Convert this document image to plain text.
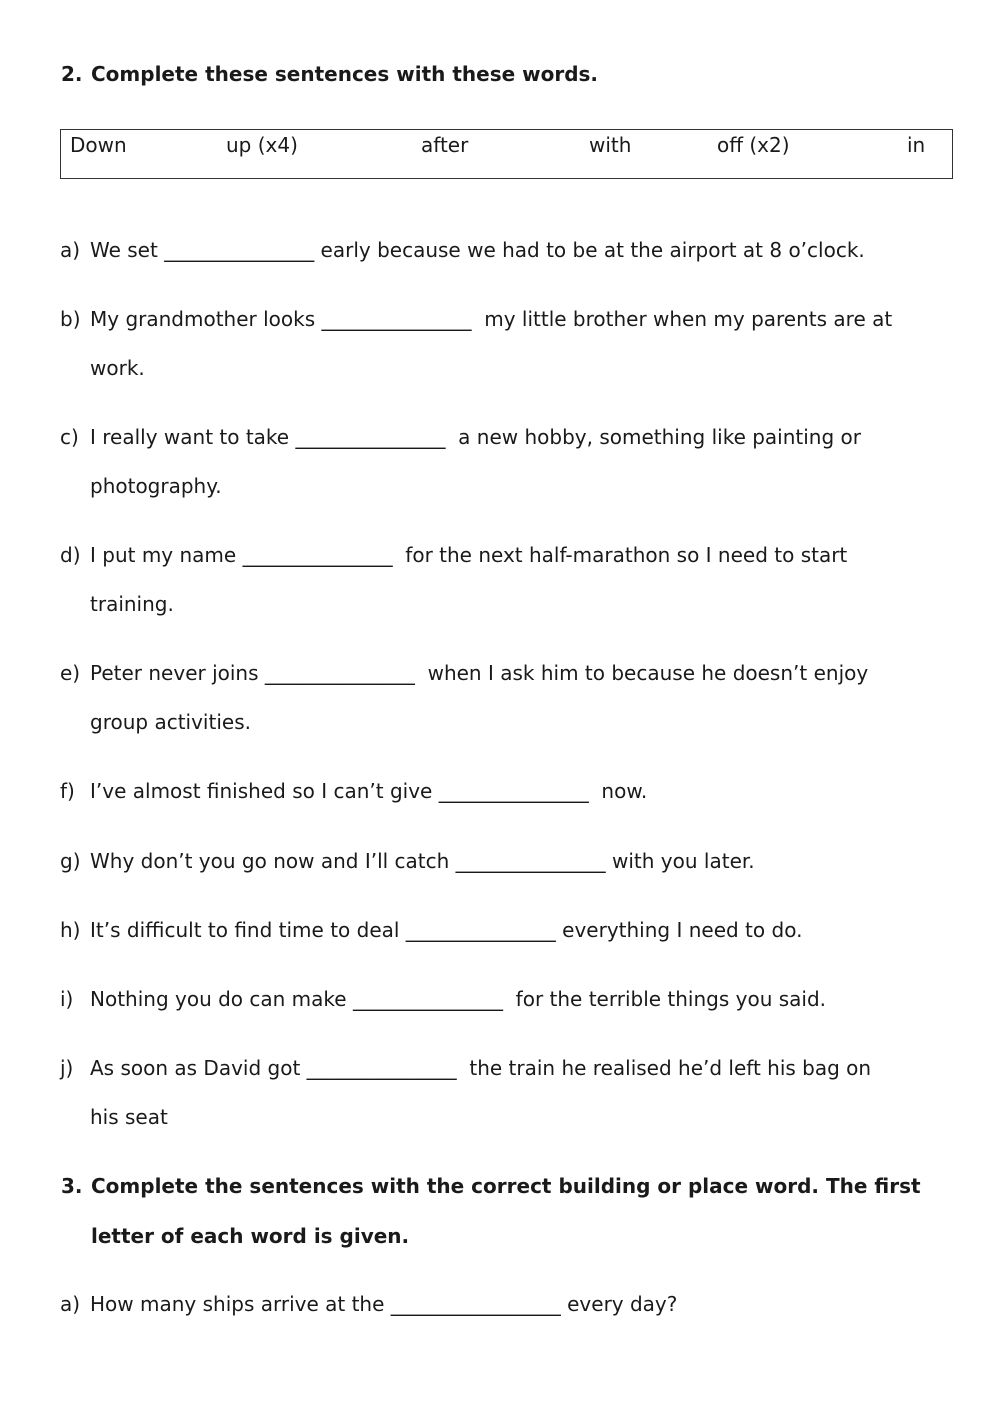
2. Complete these sentences with these words.
Down	up (x4)	after	with	off (x2)	in
a) We set _______________ early because we had to be at the airport at 8 o’clock.
b) My grandmother looks _______________  my little brother when my parents are at
work.
c) I really want to take _______________  a new hobby, something like painting or
photography.
d) I put my name _______________  for the next half-marathon so I need to start
training.
e) Peter never joins _______________  when I ask him to because he doesn’t enjoy
group activities.
f) I’ve almost finished so I can’t give _______________  now.
g) Why don’t you go now and I’ll catch _______________ with you later.
h) It’s difficult to find time to deal _______________ everything I need to do.
i) Nothing you do can make _______________  for the terrible things you said.
j) As soon as David got _______________  the train he realised he’d left his bag on
his seat
3. Complete the sentences with the correct building or place word. The first
letter of each word is given.
a) How many ships arrive at the _________________ every day?
